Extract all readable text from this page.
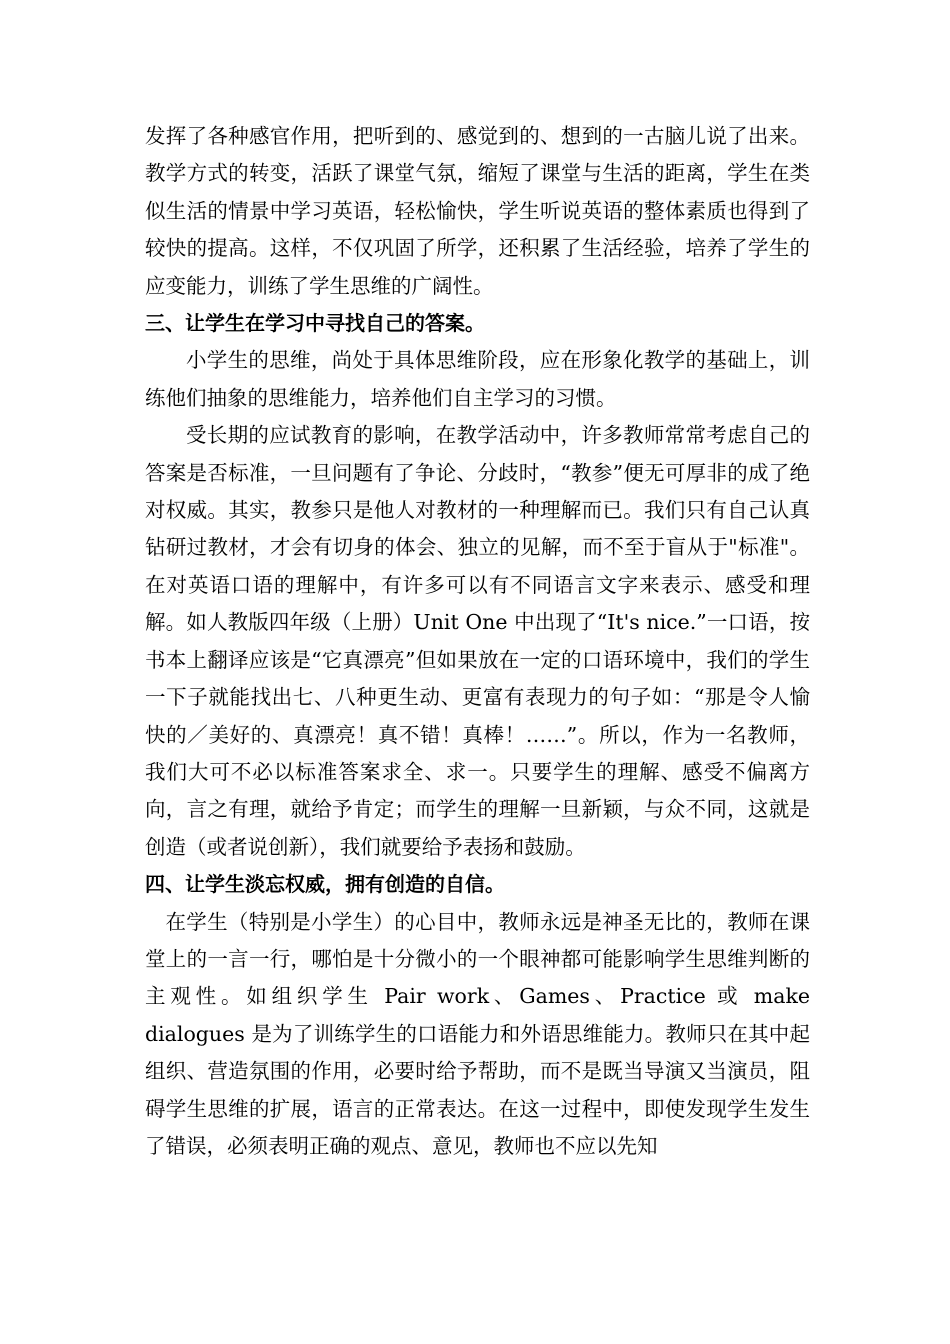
发挥了各种感官作用，把听到的、感觉到的、想到的一古脑儿说了出来。教学方式的转变，活跃了课堂气氛，缩短了课堂与生活的距离，学生在类似生活的情景中学习英语，轻松愉快，学生听说英语的整体素质也得到了较快的提高。这样，不仅巩固了所学，还积累了生活经验，培养了学生的应变能力，训练了学生思维的广阔性。

三、让学生在学习中寻找自己的答案。

小学生的思维，尚处于具体思维阶段，应在形象化教学的基础上，训练他们抽象的思维能力，培养他们自主学习的习惯。

受长期的应试教育的影响，在教学活动中，许多教师常常考虑自己的答案是否标准，一旦问题有了争论、分歧时，“教参”便无可厚非的成了绝对权威。其实，教参只是他人对教材的一种理解而已。我们只有自己认真钻研过教材，才会有切身的体会、独立的见解，而不至于盲从于"标准"。在对英语口语的理解中，有许多可以有不同语言文字来表示、感受和理解。如人教版四年级（上册）Unit One 中出现了“It's nice.”一口语，按书本上翻译应该是“它真漂亮”但如果放在一定的口语环境中，我们的学生一下子就能找出七、八种更生动、更富有表现力的句子如：“那是令人愉快的／美好的、真漂亮！真不错！真棒！……”。所以，作为一名教师，我们大可不必以标准答案求全、求一。只要学生的理解、感受不偏离方向，言之有理，就给予肯定；而学生的理解一旦新颖，与众不同，这就是创造（或者说创新），我们就要给予表扬和鼓励。

四、让学生淡忘权威，拥有创造的自信。

在学生（特别是小学生）的心目中，教师永远是神圣无比的，教师在课堂上的一言一行，哪怕是十分微小的一个眼神都可能影响学生思维判断的主观性。如组织学生 Pair work、Games、Practice 或 make dialogues 是为了训练学生的口语能力和外语思维能力。教师只在其中起组织、营造氛围的作用，必要时给予帮助，而不是既当导演又当演员，阻碍学生思维的扩展，语言的正常表达。在这一过程中，即使发现学生发生了错误，必须表明正确的观点、意见，教师也不应以先知
